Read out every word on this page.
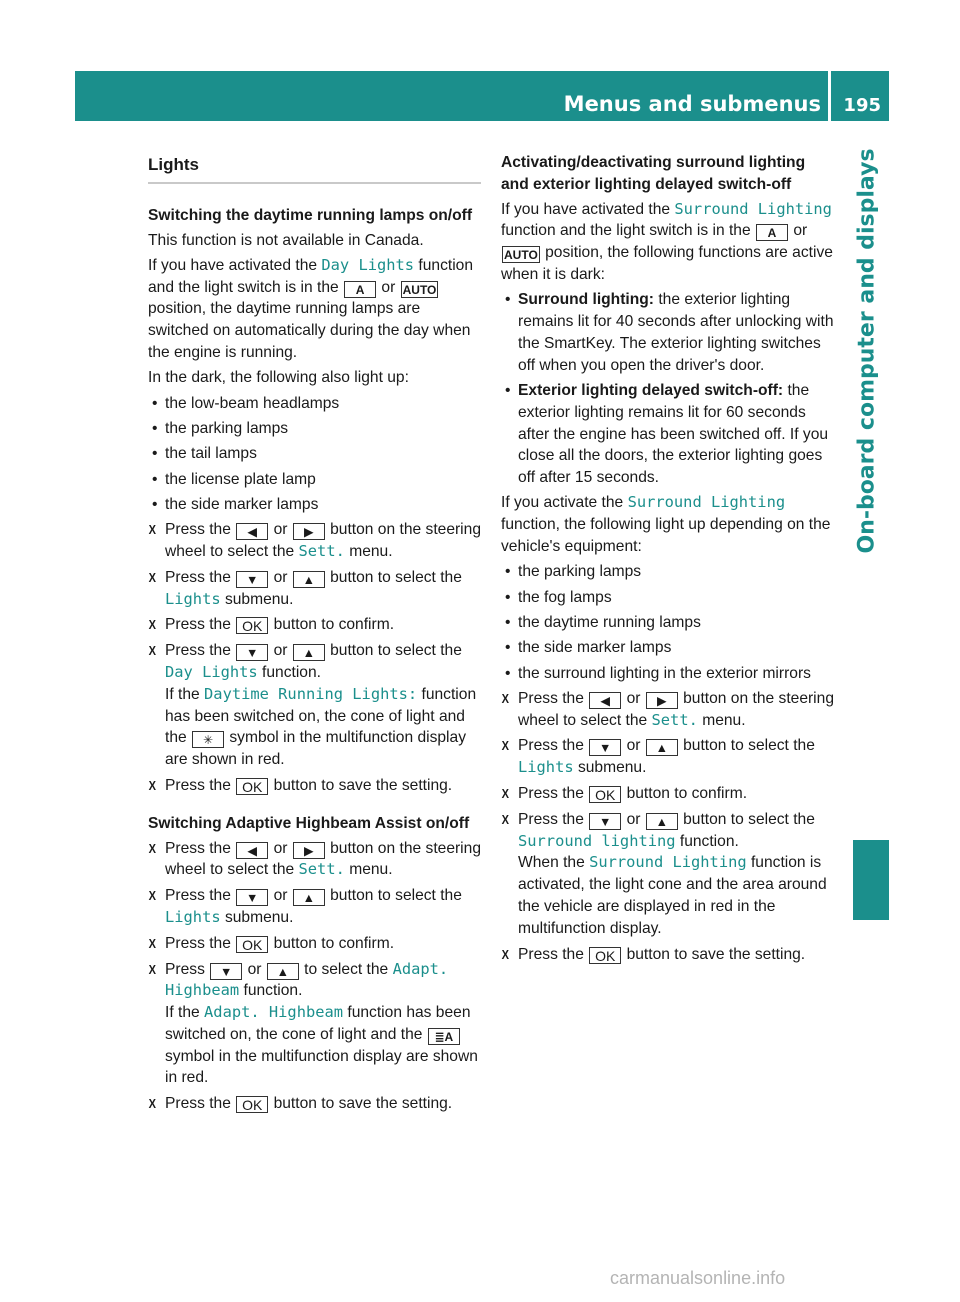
Menus and submenus 195
On-board computer and displays
Lights
Switching the daytime running lamps on/off
This function is not available in Canada.
If you have activated the Day Lights function and the light switch is in the A or AUTO position, the daytime running lamps are switched on automatically during the day when the engine is running.
In the dark, the following also light up:
• the low-beam headlamps
• the parking lamps
• the tail lamps
• the license plate lamp
• the side marker lamps
X Press the ◀ or ▶ button on the steering wheel to select the Sett. menu.
X Press the ▼ or ▲ button to select the Lights submenu.
X Press the OK button to confirm.
X Press the ▼ or ▲ button to select the Day Lights function.
If the Daytime Running Lights: function has been switched on, the cone of light and the ✳ symbol in the multifunction display are shown in red.
X Press the OK button to save the setting.
Switching Adaptive Highbeam Assist on/off
X Press the ◀ or ▶ button on the steering wheel to select the Sett. menu.
X Press the ▼ or ▲ button to select the Lights submenu.
X Press the OK button to confirm.
X Press ▼ or ▲ to select the Adapt. Highbeam function.
If the Adapt. Highbeam function has been switched on, the cone of light and the ≣A symbol in the multifunction display are shown in red.
X Press the OK button to save the setting.
Activating/deactivating surround lighting and exterior lighting delayed switch-off
If you have activated the Surround Lighting function and the light switch is in the A or AUTO position, the following functions are active when it is dark:
• Surround lighting: the exterior lighting remains lit for 40 seconds after unlocking with the SmartKey. The exterior lighting switches off when you open the driver's door.
• Exterior lighting delayed switch-off: the exterior lighting remains lit for 60 seconds after the engine has been switched off. If you close all the doors, the exterior lighting goes off after 15 seconds.
If you activate the Surround Lighting function, the following light up depending on the vehicle's equipment:
• the parking lamps
• the fog lamps
• the daytime running lamps
• the side marker lamps
• the surround lighting in the exterior mirrors
X Press the ◀ or ▶ button on the steering wheel to select the Sett. menu.
X Press the ▼ or ▲ button to select the Lights submenu.
X Press the OK button to confirm.
X Press the ▼ or ▲ button to select the Surround lighting function.
When the Surround Lighting function is activated, the light cone and the area around the vehicle are displayed in red in the multifunction display.
X Press the OK button to save the setting.
carmanualsonline.info
